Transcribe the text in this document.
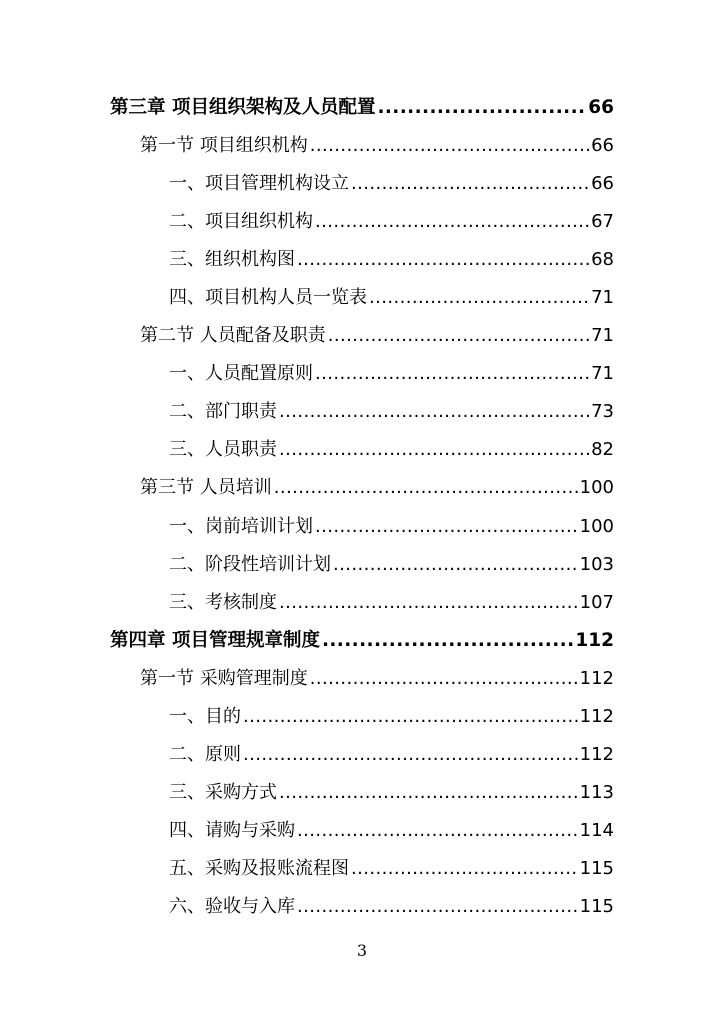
第三章 项目组织架构及人员配置 .....	66
第一节 项目组织机构 .....	66
一、项目管理机构设立 .....	66
二、项目组织机构 .....	67
三、组织机构图 .....	68
四、项目机构人员一览表 .....	71
第二节 人员配备及职责 .....	71
一、人员配置原则 .....	71
二、部门职责 .....	73
三、人员职责 .....	82
第三节 人员培训 .....	100
一、岗前培训计划 .....	100
二、阶段性培训计划 .....	103
三、考核制度 .....	107
第四章 项目管理规章制度 .....	112
第一节 采购管理制度 .....	112
一、目的 .....	112
二、原则 .....	112
三、采购方式 .....	113
四、请购与采购 .....	114
五、采购及报账流程图 .....	115
六、验收与入库 .....	115
3
